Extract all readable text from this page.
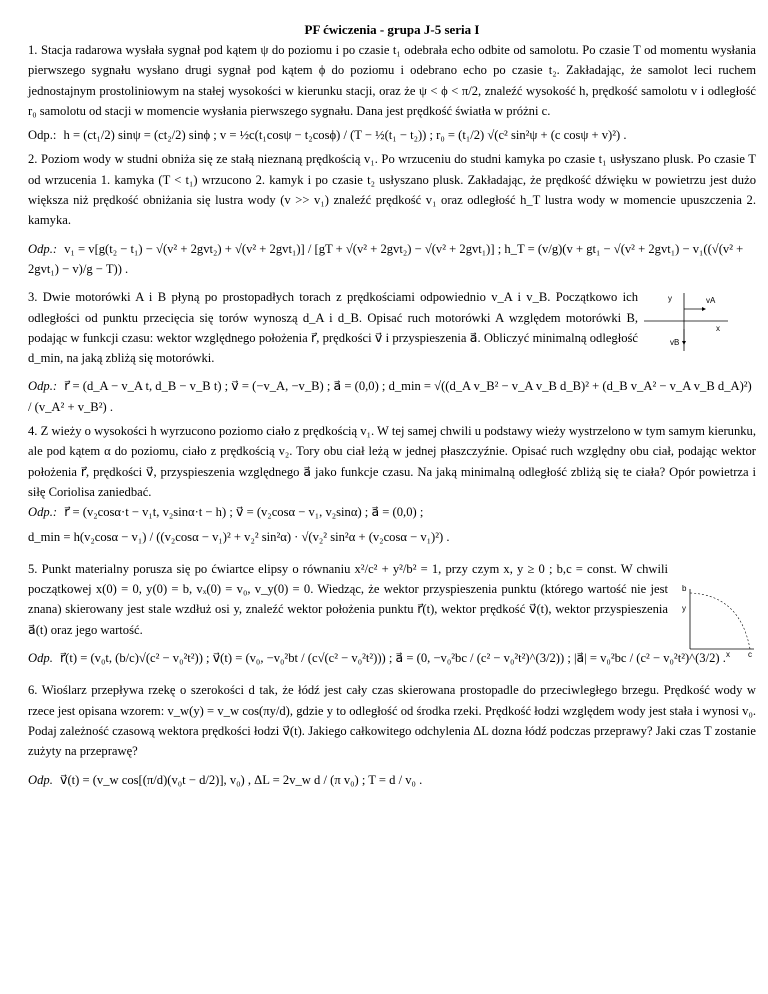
PF ćwiczenia - grupa J-5 seria I

1. Stacja radarowa wysłała sygnał pod kątem ψ do poziomu i po czasie t₁ odebrała echo odbite od samolotu. Po czasie T od momentu wysłania pierwszego sygnału wysłano drugi sygnał pod kątem ϕ do poziomu i odebrano echo po czasie t₂. Zakładając, że samolot leci ruchem jednostajnym prostoliniowym na stałej wysokości w kierunku stacji, oraz że ψ < ϕ < π/2, znaleźć wysokość h, prędkość samolotu v i odległość r₀ samolotu od stacji w momencie wysłania pierwszego sygnału. Dana jest prędkość światła w próżni c.

Odp.: h = (ct₁/2) sinψ = (ct₂/2) sinϕ ; v = ½c(t₁cosψ − t₂cosϕ) / (T − ½(t₁ − t₂)) ; r₀ = (t₁/2) √(c² sin²ψ + (c cosψ + v)²) .

2. Poziom wody w studni obniża się ze stałą nieznaną prędkością v₁. Po wrzuceniu do studni kamyka po czasie t₁ usłyszano plusk. Po czasie T od wrzucenia 1. kamyka (T < t₁) wrzucono 2. kamyk i po czasie t₂ usłyszano plusk. Zakładając, że prędkość dźwięku w powietrzu jest dużo większa niż prędkość obniżania się lustra wody (v >> v₁) znaleźć prędkość v₁ oraz odległość h_T lustra wody w momencie upuszczenia 2. kamyka.

Odp.: v₁ = v[g(t₂ − t₁) − √(v² + 2gvt₂) + √(v² + 2gvt₁)] / [gT + √(v² + 2gvt₂) − √(v² + 2gvt₁)] ; h_T = (v/g)(v + gt₁ − √(v² + 2gvt₁) − v₁((√(v² + 2gvt₁) − v)/g − T)) .

3. Dwie motorówki A i B płyną po prostopadłych torach z prędkościami odpowiednio v_A i v_B. Początkowo ich odległości od punktu przecięcia się torów wynoszą d_A i d_B. Opisać ruch motorówki A względem motorówki B, podając w funkcji czasu: wektor względnego położenia r⃗, prędkości v⃗ i przyspieszenia a⃗. Obliczyć minimalną odległość d_min, na jaką zbliżą się motorówki.

y
x
vA
vB

Odp.: r⃗ = (d_A − v_A t, d_B − v_B t) ; v⃗ = (−v_A, −v_B) ; a⃗ = (0,0) ; d_min = √((d_A v_B² − v_A v_B d_B)² + (d_B v_A² − v_A v_B d_A)²) / (v_A² + v_B²) .

4. Z wieży o wysokości h wyrzucono poziomo ciało z prędkością v₁. W tej samej chwili u podstawy wieży wystrzelono w tym samym kierunku, ale pod kątem α do poziomu, ciało z prędkością v₂. Tory obu ciał leżą w jednej płaszczyźnie. Opisać ruch względny obu ciał, podając wektor położenia r⃗, prędkości v⃗, przyspieszenia względnego a⃗ jako funkcje czasu. Na jaką minimalną odległość zbliżą się te ciała? Opór powietrza i siłę Coriolisa zaniedbać.

Odp.: r⃗ = (v₂cosα·t − v₁t, v₂sinα·t − h) ; v⃗ = (v₂cosα − v₁, v₂sinα) ; a⃗ = (0,0) ;

d_min = h(v₂cosα − v₁) / ((v₂cosα − v₁)² + v₂² sin²α) · √(v₂² sin²α + (v₂cosα − v₁)²) .

5. Punkt materialny porusza się po ćwiartce elipsy o równaniu x²/c² + y²/b² = 1, przy czym x, y ≥ 0 ; b,c = const. W chwili początkowej x(0) = 0, y(0) = b, vₓ(0) = v₀, v_y(0) = 0. Wiedząc, że wektor przyspieszenia punktu (którego wartość nie jest znana) skierowany jest stale wzdłuż osi y, znaleźć wektor położenia punktu r⃗(t), wektor prędkość v⃗(t), wektor przyspieszenia a⃗(t) oraz jego wartość.

b
y
x c

Odp. r⃗(t) = (v₀t, (b/c)√(c² − v₀²t²)) ; v⃗(t) = (v₀, −v₀²bt / (c√(c² − v₀²t²))) ; a⃗ = (0, −v₀²bc / (c² − v₀²t²)^(3/2)) ; |a⃗| = v₀²bc / (c² − v₀²t²)^(3/2) .

6. Wioślarz przepływa rzekę o szerokości d tak, że łódź jest cały czas skierowana prostopadle do przeciwległego brzegu. Prędkość wody w rzece jest opisana wzorem: v_w(y) = v_w cos(πy/d), gdzie y to odległość od środka rzeki. Prędkość łodzi względem wody jest stała i wynosi v₀. Podaj zależność czasową wektora prędkości łodzi v⃗(t). Jakiego całkowitego odchylenia ΔL dozna łódź podczas przeprawy? Jaki czas T zostanie zużyty na przeprawę?

Odp. v⃗(t) = (v_w cos[(π/d)(v₀t − d/2)], v₀) , ΔL = 2v_w d / (π v₀) ; T = d / v₀ .
